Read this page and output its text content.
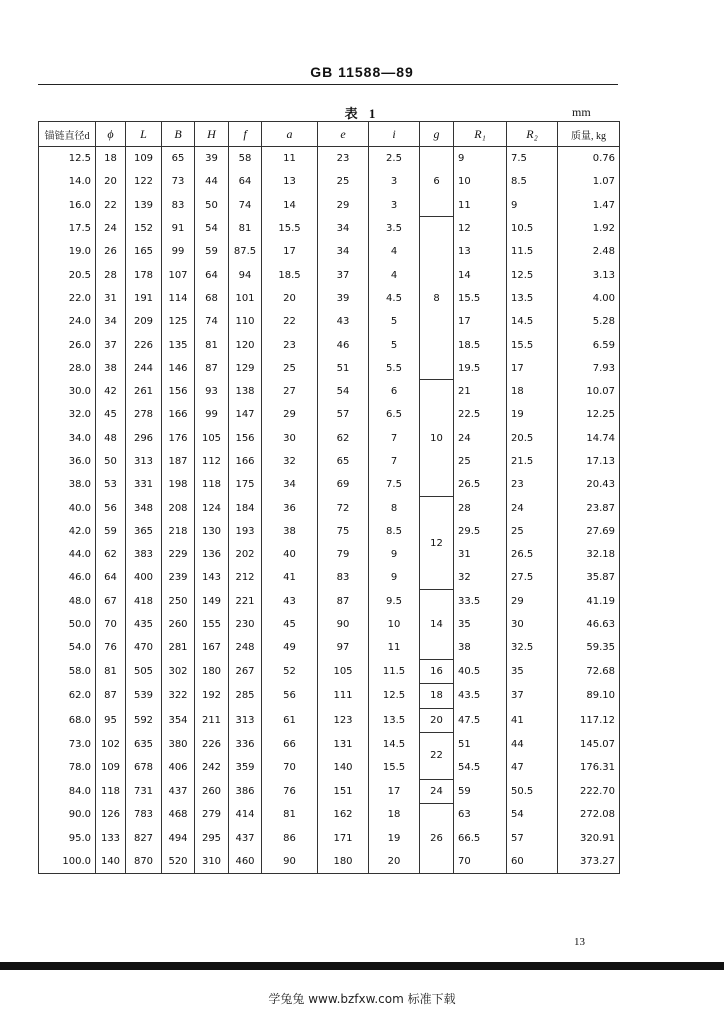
GB 11588—89
表 1	mm
锚链直径d	ϕ	L	B	H	f	a	e	i	g	R₁	R₂	质量, kg
12.5	18	109	65	39	58	11	23	2.5	6	9	7.5	0.76
14.0	20	122	73	44	64	13	25	3		10	8.5	1.07
16.0	22	139	83	50	74	14	29	3		11	9	1.47
17.5	24	152	91	54	81	15.5	34	3.5	8	12	10.5	1.92
19.0	26	165	99	59	87.5	17	34	4		13	11.5	2.48
20.5	28	178	107	64	94	18.5	37	4		14	12.5	3.13
22.0	31	191	114	68	101	20	39	4.5		15.5	13.5	4.00
24.0	34	209	125	74	110	22	43	5		17	14.5	5.28
26.0	37	226	135	81	120	23	46	5		18.5	15.5	6.59
28.0	38	244	146	87	129	25	51	5.5		19.5	17	7.93
30.0	42	261	156	93	138	27	54	6	10	21	18	10.07
32.0	45	278	166	99	147	29	57	6.5		22.5	19	12.25
34.0	48	296	176	105	156	30	62	7		24	20.5	14.74
36.0	50	313	187	112	166	32	65	7		25	21.5	17.13
38.0	53	331	198	118	175	34	69	7.5		26.5	23	20.43
40.0	56	348	208	124	184	36	72	8	12	28	24	23.87
42.0	59	365	218	130	193	38	75	8.5		29.5	25	27.69
44.0	62	383	229	136	202	40	79	9		31	26.5	32.18
46.0	64	400	239	143	212	41	83	9		32	27.5	35.87
48.0	67	418	250	149	221	43	87	9.5	14	33.5	29	41.19
50.0	70	435	260	155	230	45	90	10		35	30	46.63
54.0	76	470	281	167	248	49	97	11		38	32.5	59.35
58.0	81	505	302	180	267	52	105	11.5	16	40.5	35	72.68
62.0	87	539	322	192	285	56	111	12.5	18	43.5	37	89.10
68.0	95	592	354	211	313	61	123	13.5	20	47.5	41	117.12
73.0	102	635	380	226	336	66	131	14.5	22	51	44	145.07
78.0	109	678	406	242	359	70	140	15.5		54.5	47	176.31
84.0	118	731	437	260	386	76	151	17	24	59	50.5	222.70
90.0	126	783	468	279	414	81	162	18	26	63	54	272.08
95.0	133	827	494	295	437	86	171	19		66.5	57	320.91
100.0	140	870	520	310	460	90	180	20		70	60	373.27
13
学兔兔 www.bzfxw.com 标准下载
